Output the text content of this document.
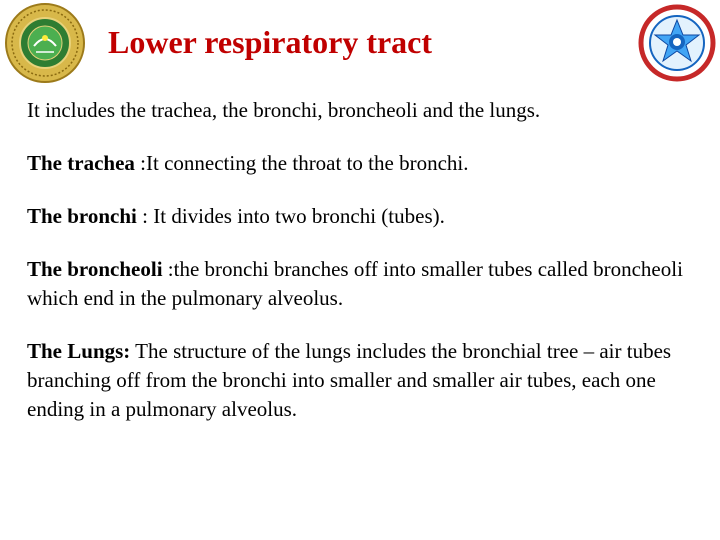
Lower respiratory tract

It includes the trachea, the bronchi, broncheoli and the lungs.

The trachea :It connecting the throat to the bronchi.

The bronchi : It divides into two bronchi (tubes).

The broncheoli :the bronchi branches off into smaller tubes called broncheoli which end in the pulmonary alveolus.

The Lungs: The structure of the lungs includes the bronchial tree – air tubes branching off from the bronchi into smaller and smaller air tubes, each one ending in a pulmonary alveolus.
